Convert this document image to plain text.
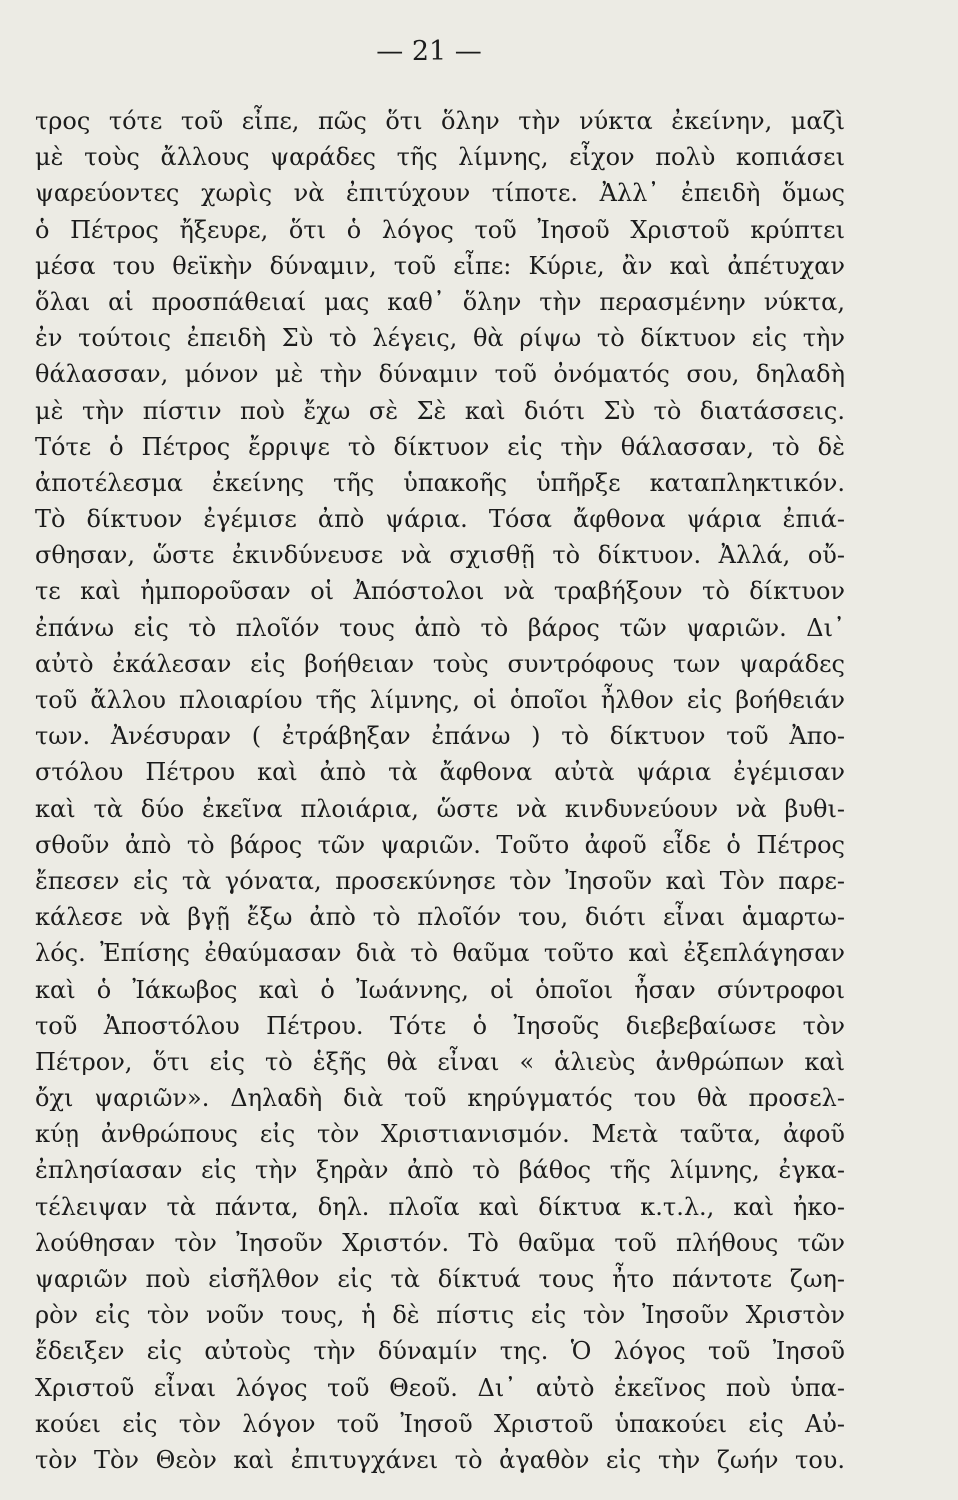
— 21 —
τρος τότε τοῦ εἶπε, πῶς ὅτι ὅλην τὴν νύκτα ἐκείνην, μαζὶ
μὲ τοὺς ἄλλους ψαράδες τῆς λίμνης, εἶχον πολὺ κοπιάσει
ψαρεύοντες χωρὶς νὰ ἐπιτύχουν τίποτε. Ἀλλ᾽ ἐπειδὴ ὅμως
ὁ Πέτρος ἤξευρε, ὅτι ὁ λόγος τοῦ Ἰησοῦ Χριστοῦ κρύπτει
μέσα του θεϊκὴν δύναμιν, τοῦ εἶπε: Κύριε, ἂν καὶ ἀπέτυχαν
ὅλαι αἱ προσπάθειαί μας καθ᾽ ὅλην τὴν περασμένην νύκτα,
ἐν τούτοις ἐπειδὴ Σὺ τὸ λέγεις, θὰ ρίψω τὸ δίκτυον εἰς τὴν
θάλασσαν, μόνον μὲ τὴν δύναμιν τοῦ ὀνόματός σου, δηλαδὴ
μὲ τὴν πίστιν ποὺ ἔχω σὲ Σὲ καὶ διότι Σὺ τὸ διατάσσεις.
Τότε ὁ Πέτρος ἔρριψε τὸ δίκτυον εἰς τὴν θάλασσαν, τὸ δὲ
ἀποτέλεσμα ἐκείνης τῆς ὑπακοῆς ὑπῆρξε καταπληκτικόν.
Τὸ δίκτυον ἐγέμισε ἀπὸ ψάρια. Τόσα ἄφθονα ψάρια ἐπιά-
σθησαν, ὥστε ἐκινδύνευσε νὰ σχισθῇ τὸ δίκτυον. Ἀλλά, οὔ-
τε καὶ ἠμποροῦσαν οἱ Ἀπόστολοι νὰ τραβήξουν τὸ δίκτυον
ἐπάνω εἰς τὸ πλοῖόν τους ἀπὸ τὸ βάρος τῶν ψαριῶν. Δι᾽
αὐτὸ ἐκάλεσαν εἰς βοήθειαν τοὺς συντρόφους των ψαράδες
τοῦ ἄλλου πλοιαρίου τῆς λίμνης, οἱ ὁποῖοι ἦλθον εἰς βοήθειάν
των. Ἀνέσυραν ( ἐτράβηξαν ἐπάνω ) τὸ δίκτυον τοῦ Ἀπο-
στόλου Πέτρου καὶ ἀπὸ τὰ ἄφθονα αὐτὰ ψάρια ἐγέμισαν
καὶ τὰ δύο ἐκεῖνα πλοιάρια, ὥστε νὰ κινδυνεύουν νὰ βυθι-
σθοῦν ἀπὸ τὸ βάρος τῶν ψαριῶν. Τοῦτο ἀφοῦ εἶδε ὁ Πέτρος
ἔπεσεν εἰς τὰ γόνατα, προσεκύνησε τὸν Ἰησοῦν καὶ Τὸν παρε-
κάλεσε νὰ βγῇ ἔξω ἀπὸ τὸ πλοῖόν του, διότι εἶναι ἁμαρτω-
λός. Ἐπίσης ἐθαύμασαν διὰ τὸ θαῦμα τοῦτο καὶ ἐξεπλάγησαν
καὶ ὁ Ἰάκωβος καὶ ὁ Ἰωάννης, οἱ ὁποῖοι ἦσαν σύντροφοι
τοῦ Ἀποστόλου Πέτρου. Τότε ὁ Ἰησοῦς διεβεβαίωσε τὸν
Πέτρον, ὅτι εἰς τὸ ἑξῆς θὰ εἶναι « ἁλιεὺς ἀνθρώπων καὶ
ὄχι ψαριῶν». Δηλαδὴ διὰ τοῦ κηρύγματός του θὰ προσελ-
κύῃ ἀνθρώπους εἰς τὸν Χριστιανισμόν. Μετὰ ταῦτα, ἀφοῦ
ἐπλησίασαν εἰς τὴν ξηρὰν ἀπὸ τὸ βάθος τῆς λίμνης, ἐγκα-
τέλειψαν τὰ πάντα, δηλ. πλοῖα καὶ δίκτυα κ.τ.λ., καὶ ἠκο-
λούθησαν τὸν Ἰησοῦν Χριστόν. Τὸ θαῦμα τοῦ πλήθους τῶν
ψαριῶν ποὺ εἰσῆλθον εἰς τὰ δίκτυά τους ἦτο πάντοτε ζωη-
ρὸν εἰς τὸν νοῦν τους, ἡ δὲ πίστις εἰς τὸν Ἰησοῦν Χριστὸν
ἔδειξεν εἰς αὐτοὺς τὴν δύναμίν της. Ὁ λόγος τοῦ Ἰησοῦ
Χριστοῦ εἶναι λόγος τοῦ Θεοῦ. Δι᾽ αὐτὸ ἐκεῖνος ποὺ ὑπα-
κούει εἰς τὸν λόγον τοῦ Ἰησοῦ Χριστοῦ ὑπακούει εἰς Αὐ-
τὸν Τὸν Θεὸν καὶ ἐπιτυγχάνει τὸ ἀγαθὸν εἰς τὴν ζωήν του.
